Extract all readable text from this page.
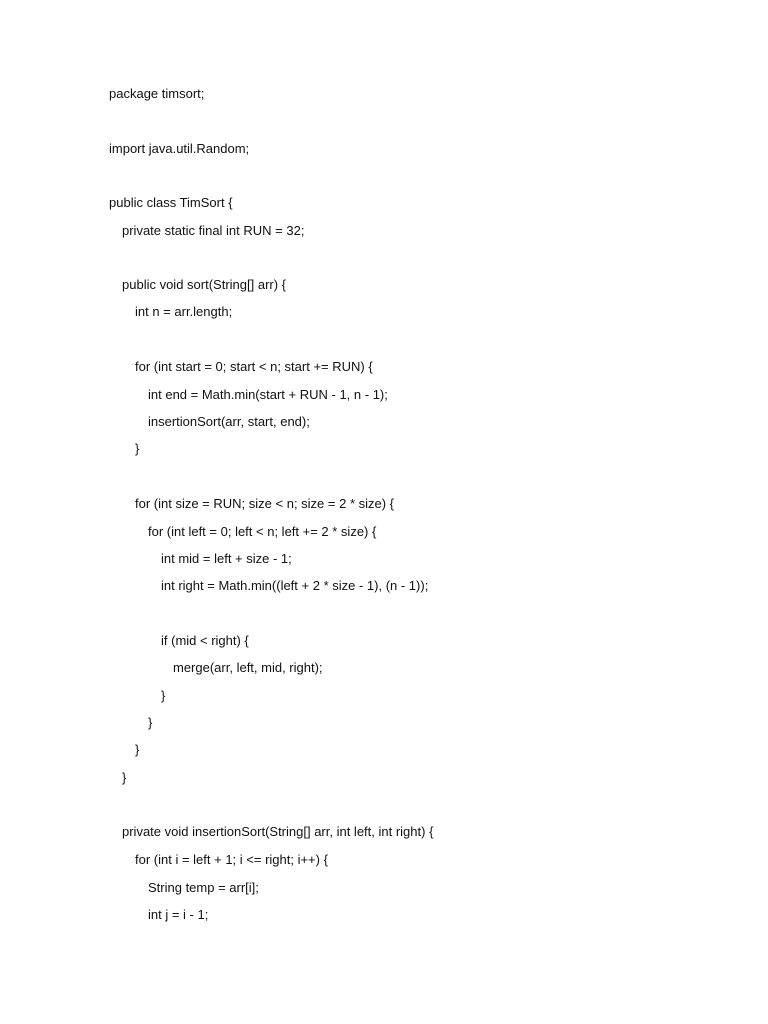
package timsort;
import java.util.Random;
public class TimSort {
private static final int RUN = 32;
public void sort(String[] arr) {
int n = arr.length;
for (int start = 0; start < n; start += RUN) {
int end = Math.min(start + RUN - 1, n - 1);
insertionSort(arr, start, end);
}
for (int size = RUN; size < n; size = 2 * size) {
for (int left = 0; left < n; left += 2 * size) {
int mid = left + size - 1;
int right = Math.min((left + 2 * size - 1), (n - 1));
if (mid < right) {
merge(arr, left, mid, right);
}
}
}
}
private void insertionSort(String[] arr, int left, int right) {
for (int i = left + 1; i <= right; i++) {
String temp = arr[i];
int j = i - 1;
